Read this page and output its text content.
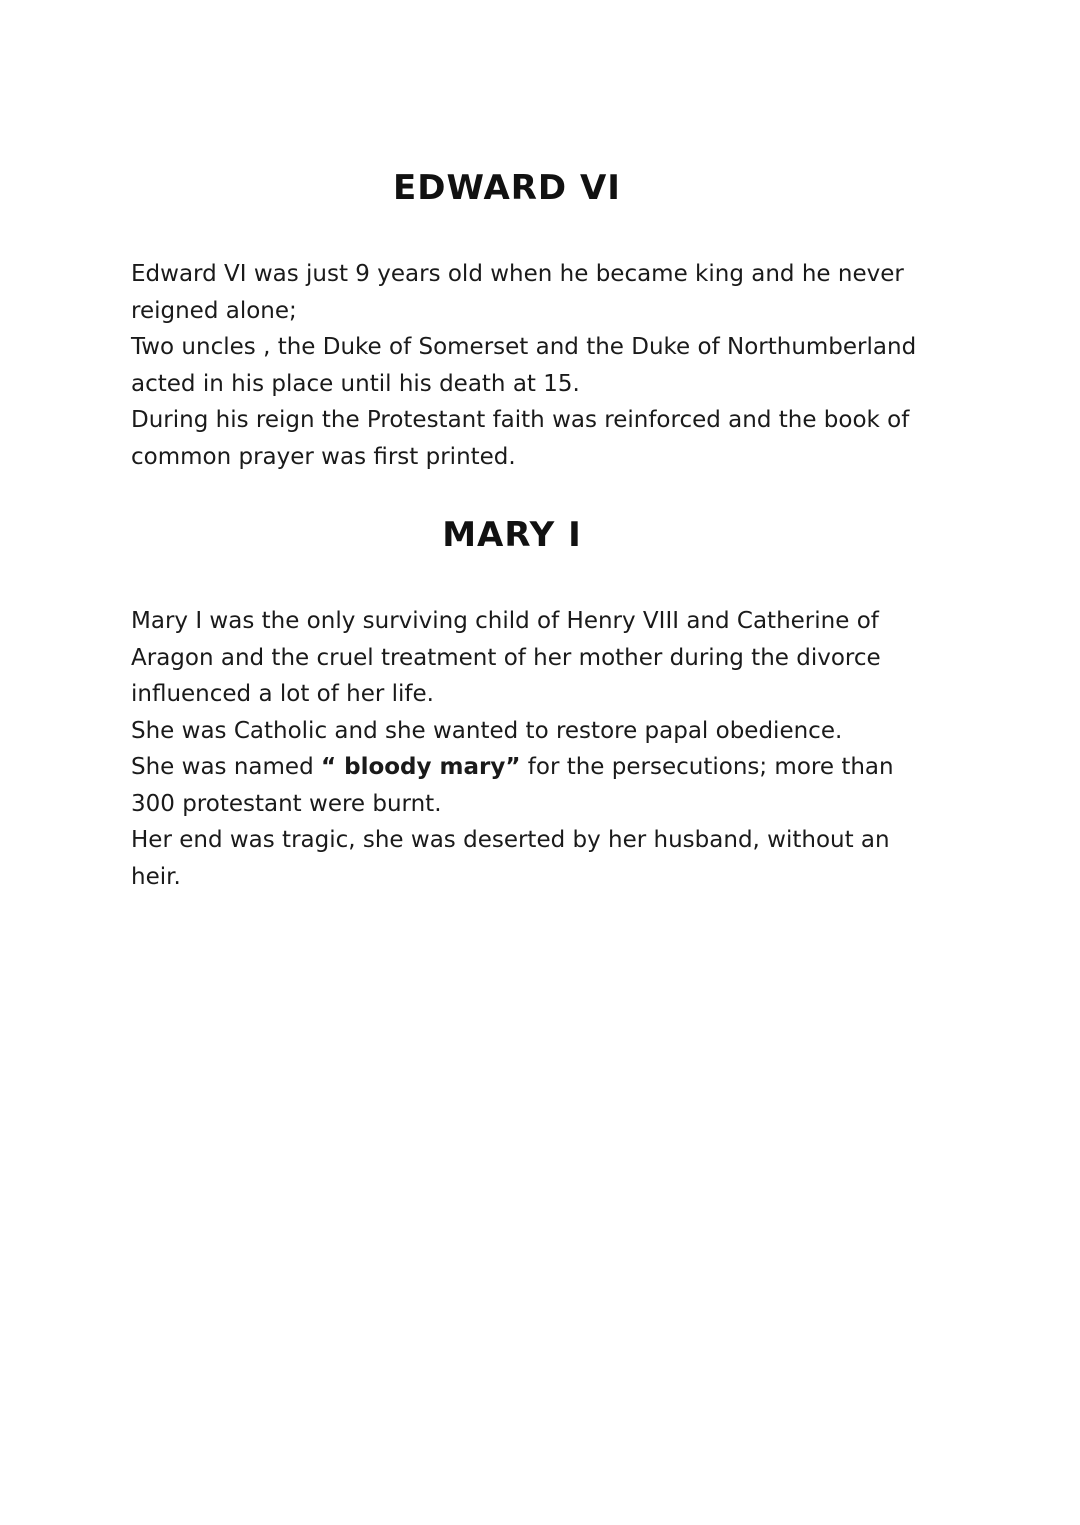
EDWARD VI

Edward VI was just 9 years old when he became king and he never

reigned alone;

Two uncles , the Duke of Somerset and the Duke of Northumberland

acted in his place until his death at 15.

During his reign the Protestant faith was reinforced and the book of

common prayer was first printed.

MARY I

Mary I was the only surviving child of Henry VIII and Catherine of

Aragon and the cruel treatment of her mother during the divorce

influenced a lot of her life.

She was Catholic and she wanted to restore papal obedience.

She was named “ bloody mary” for the persecutions; more than

300 protestant were burnt.

Her end was tragic, she was deserted by her husband, without an

heir.
